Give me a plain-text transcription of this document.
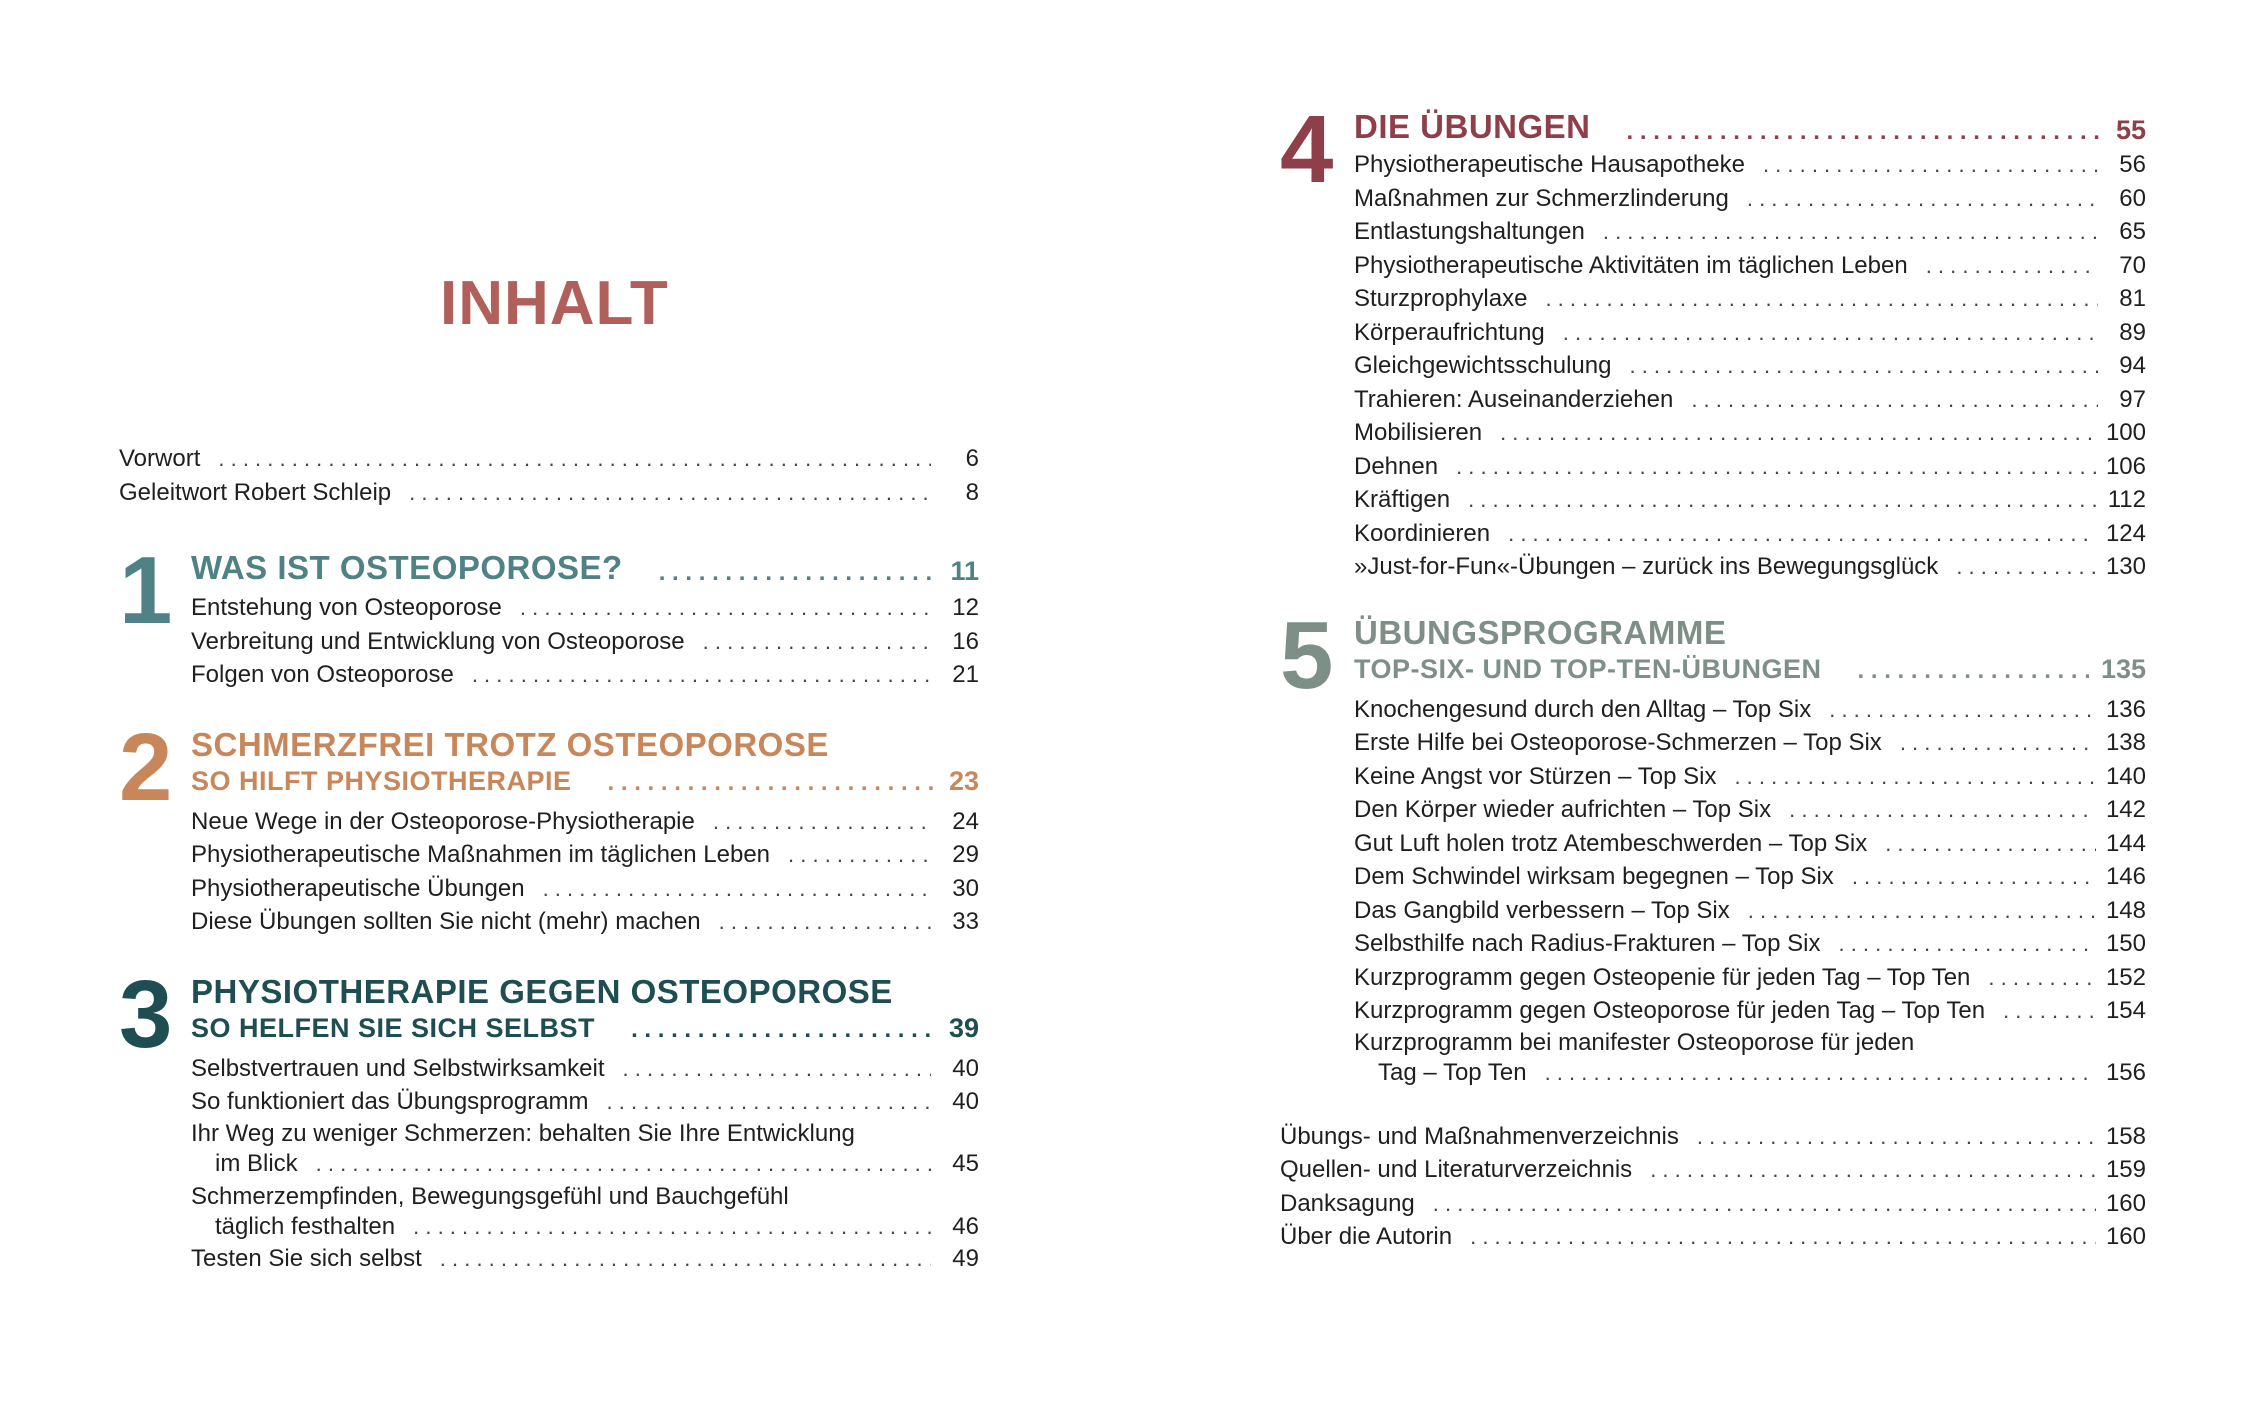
INHALT
Vorwort . . .	6
Geleitwort Robert Schleip . . .	8
1 WAS IST OSTEOPOROSE? . . .	11
Entstehung von Osteoporose . . .	12
Verbreitung und Entwicklung von Osteoporose . . .	16
Folgen von Osteoporose . . .	21
2 SCHMERZFREI TROTZ OSTEOPOROSE
SO HILFT PHYSIOTHERAPIE . . .	23
Neue Wege in der Osteoporose-Physiotherapie . . .	24
Physiotherapeutische Maßnahmen im täglichen Leben . . .	29
Physiotherapeutische Übungen . . .	30
Diese Übungen sollten Sie nicht (mehr) machen . . .	33
3 PHYSIOTHERAPIE GEGEN OSTEOPOROSE
SO HELFEN SIE SICH SELBST . . .	39
Selbstvertrauen und Selbstwirksamkeit . . .	40
So funktioniert das Übungsprogramm . . .	40
Ihr Weg zu weniger Schmerzen: behalten Sie Ihre Entwicklung
im Blick . . .	45
Schmerzempfinden, Bewegungsgefühl und Bauchgefühl
täglich festhalten . . .	46
Testen Sie sich selbst . . .	49
4 DIE ÜBUNGEN . . .	55
Physiotherapeutische Hausapotheke . . .	56
Maßnahmen zur Schmerzlinderung . . .	60
Entlastungshaltungen . . .	65
Physiotherapeutische Aktivitäten im täglichen Leben . . .	70
Sturzprophylaxe . . .	81
Körperaufrichtung . . .	89
Gleichgewichtsschulung . . .	94
Trahieren: Auseinanderziehen . . .	97
Mobilisieren . . .	100
Dehnen . . .	106
Kräftigen . . .	112
Koordinieren . . .	124
»Just-for-Fun«-Übungen – zurück ins Bewegungsglück . . .	130
5 ÜBUNGSPROGRAMME
TOP-SIX- UND TOP-TEN-ÜBUNGEN . . .	135
Knochengesund durch den Alltag – Top Six . . .	136
Erste Hilfe bei Osteoporose-Schmerzen – Top Six . . .	138
Keine Angst vor Stürzen – Top Six . . .	140
Den Körper wieder aufrichten – Top Six . . .	142
Gut Luft holen trotz Atembeschwerden – Top Six . . .	144
Dem Schwindel wirksam begegnen – Top Six . . .	146
Das Gangbild verbessern – Top Six . . .	148
Selbsthilfe nach Radius-Frakturen – Top Six . . .	150
Kurzprogramm gegen Osteopenie für jeden Tag – Top Ten . . .	152
Kurzprogramm gegen Osteoporose für jeden Tag – Top Ten . . .	154
Kurzprogramm bei manifester Osteoporose für jeden
Tag – Top Ten . . .	156
Übungs- und Maßnahmenverzeichnis . . .	158
Quellen- und Literaturverzeichnis . . .	159
Danksagung . . .	160
Über die Autorin . . .	160
